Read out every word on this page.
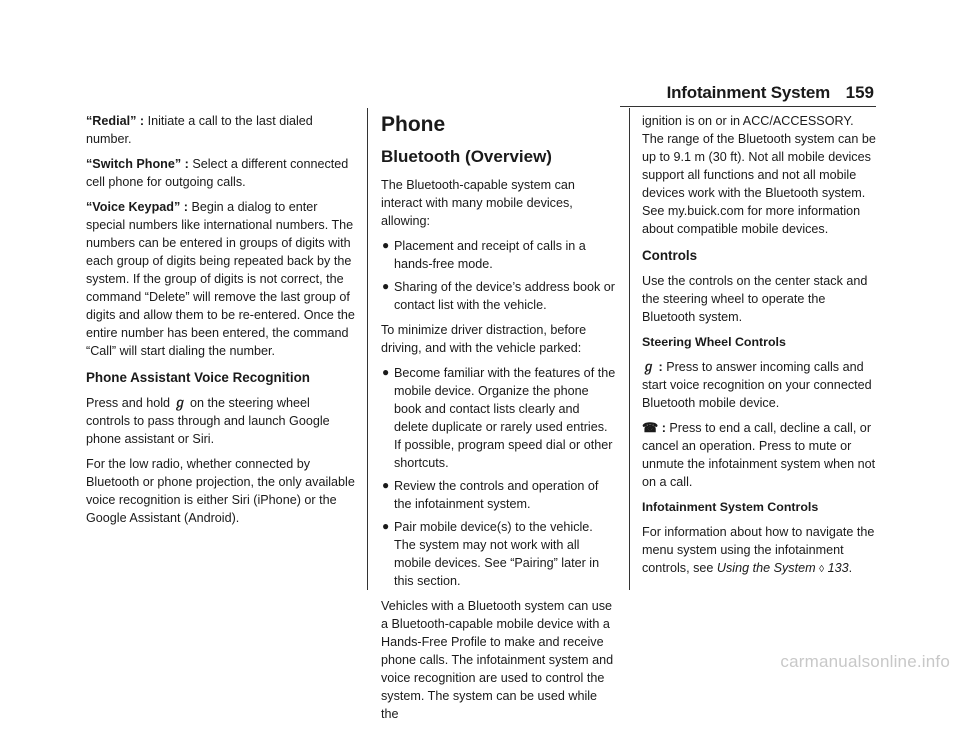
Infotainment System 159

“Redial” : Initiate a call to the last dialed number.

“Switch Phone” : Select a different connected cell phone for outgoing calls.

“Voice Keypad” : Begin a dialog to enter special numbers like international numbers. The numbers can be entered in groups of digits with each group of digits being repeated back by the system. If the group of digits is not correct, the command “Delete” will remove the last group of digits and allow them to be re-entered. Once the entire number has been entered, the command “Call” will start dialing the number.

Phone Assistant Voice Recognition

Press and hold ℊ on the steering wheel controls to pass through and launch Google phone assistant or Siri.

For the low radio, whether connected by Bluetooth or phone projection, the only available voice recognition is either Siri (iPhone) or the Google Assistant (Android).

Phone
Bluetooth (Overview)

The Bluetooth-capable system can interact with many mobile devices, allowing:

● Placement and receipt of calls in a hands-free mode.
● Sharing of the device’s address book or contact list with the vehicle.

To minimize driver distraction, before driving, and with the vehicle parked:

● Become familiar with the features of the mobile device. Organize the phone book and contact lists clearly and delete duplicate or rarely used entries.
If possible, program speed dial or other shortcuts.
● Review the controls and operation of the infotainment system.
● Pair mobile device(s) to the vehicle. The system may not work with all mobile devices. See “Pairing” later in this section.

Vehicles with a Bluetooth system can use a Bluetooth-capable mobile device with a Hands-Free Profile to make and receive phone calls. The infotainment system and voice recognition are used to control the system. The system can be used while the

ignition is on or in ACC/ACCESSORY. The range of the Bluetooth system can be up to 9.1 m (30 ft). Not all mobile devices support all functions and not all mobile devices work with the Bluetooth system. See my.buick.com for more information about compatible mobile devices.

Controls

Use the controls on the center stack and the steering wheel to operate the Bluetooth system.

Steering Wheel Controls

ℊ : Press to answer incoming calls and start voice recognition on your connected Bluetooth mobile device.

☎ : Press to end a call, decline a call, or cancel an operation. Press to mute or unmute the infotainment system when not on a call.

Infotainment System Controls

For information about how to navigate the menu system using the infotainment controls, see Using the System ◊ 133.

carmanualsonline.info
